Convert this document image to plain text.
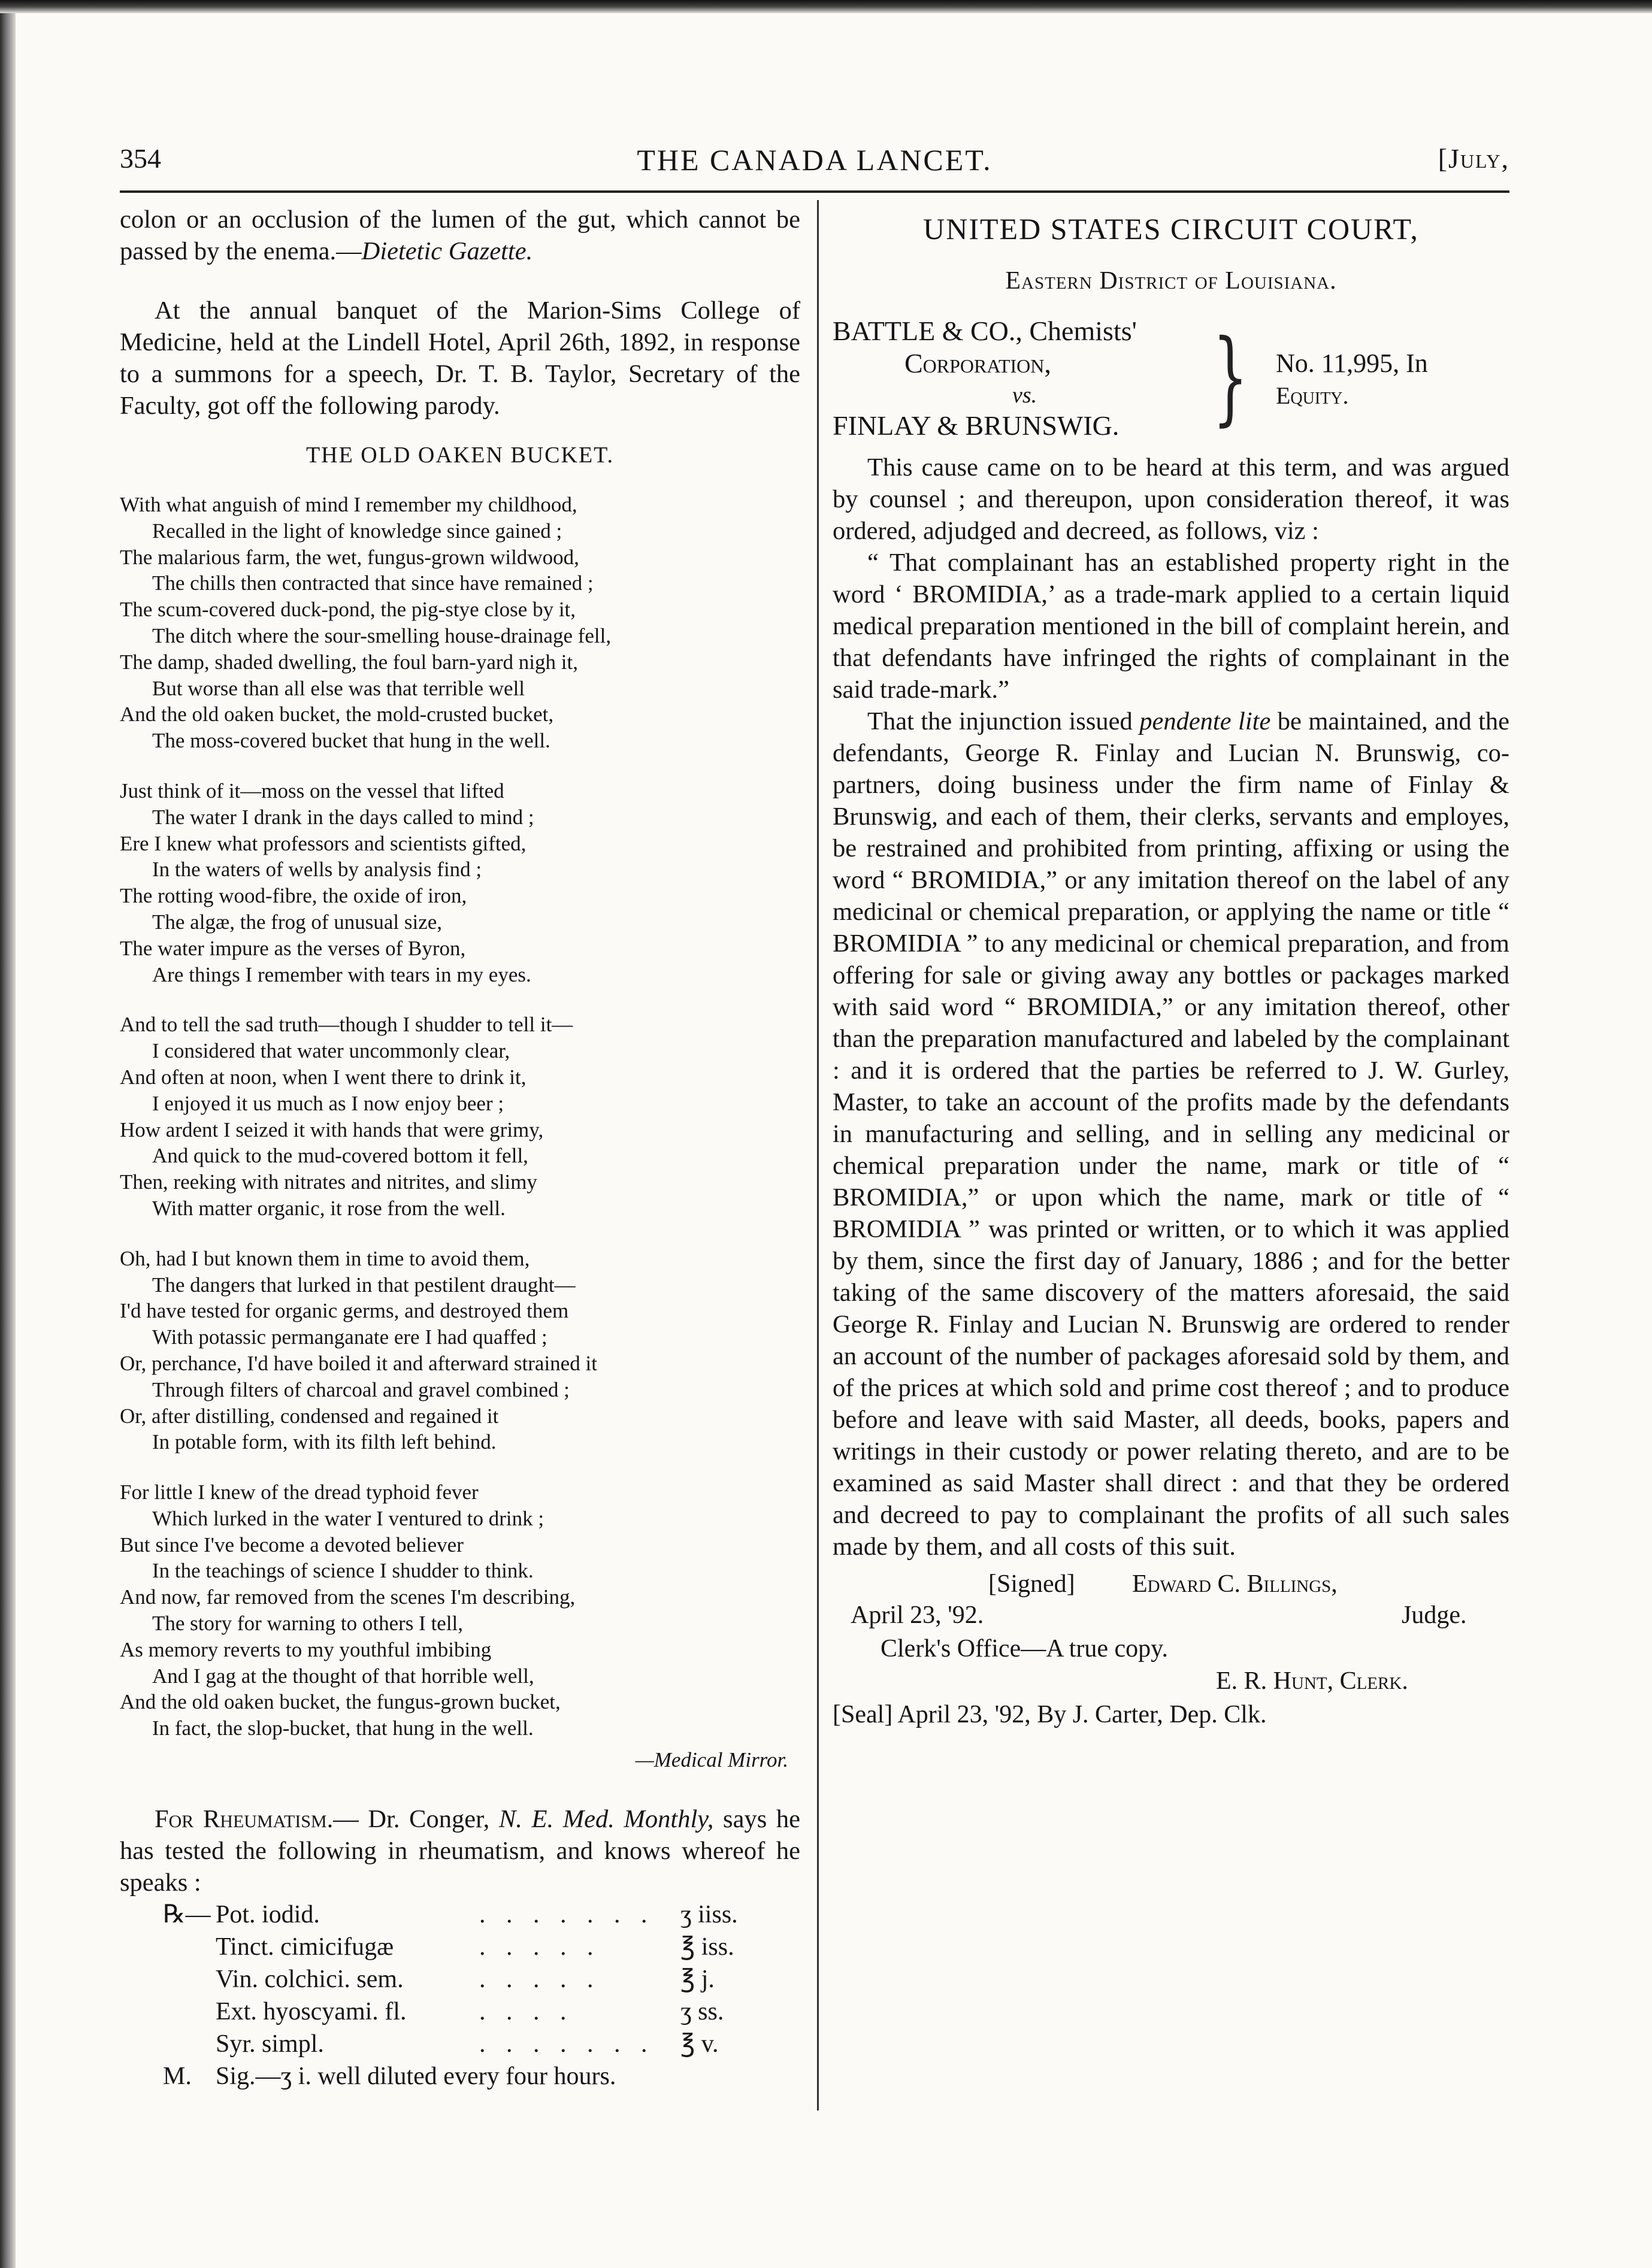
354	THE CANADA LANCET.	[July,

colon or an occlusion of the lumen of the gut, which cannot be passed by the enema.—Dietetic Gazette.

At the annual banquet of the Marion-Sims College of Medicine, held at the Lindell Hotel, April 26th, 1892, in response to a summons for a speech, Dr. T. B. Taylor, Secretary of the Faculty, got off the following parody.

THE OLD OAKEN BUCKET.
With what anguish of mind I remember my childhood,
Recalled in the light of knowledge since gained ;
The malarious farm, the wet, fungus-grown wildwood,
The chills then contracted that since have remained ;
The scum-covered duck-pond, the pig-stye close by it,
The ditch where the sour-smelling house-drainage fell,
The damp, shaded dwelling, the foul barn-yard nigh it,
But worse than all else was that terrible well
And the old oaken bucket, the mold-crusted bucket,
The moss-covered bucket that hung in the well.
Just think of it—moss on the vessel that lifted
The water I drank in the days called to mind ;
Ere I knew what professors and scientists gifted,
In the waters of wells by analysis find ;
The rotting wood-fibre, the oxide of iron,
The algæ, the frog of unusual size,
The water impure as the verses of Byron,
Are things I remember with tears in my eyes.
And to tell the sad truth—though I shudder to tell it—
I considered that water uncommonly clear,
And often at noon, when I went there to drink it,
I enjoyed it us much as I now enjoy beer ;
How ardent I seized it with hands that were grimy,
And quick to the mud-covered bottom it fell,
Then, reeking with nitrates and nitrites, and slimy
With matter organic, it rose from the well.
Oh, had I but known them in time to avoid them,
The dangers that lurked in that pestilent draught—
I'd have tested for organic germs, and destroyed them
With potassic permanganate ere I had quaffed ;
Or, perchance, I'd have boiled it and afterward strained it
Through filters of charcoal and gravel combined ;
Or, after distilling, condensed and regained it
In potable form, with its filth left behind.
For little I knew of the dread typhoid fever
Which lurked in the water I ventured to drink ;
But since I've become a devoted believer
In the teachings of science I shudder to think.
And now, far removed from the scenes I'm describing,
The story for warning to others I tell,
As memory reverts to my youthful imbibing
And I gag at the thought of that horrible well,
And the old oaken bucket, the fungus-grown bucket,
In fact, the slop-bucket, that hung in the well.
—Medical Mirror.

For Rheumatism.— Dr. Conger, N. E. Med. Monthly, says he has tested the following in rheumatism, and knows whereof he speaks :

℞— Pot. iodid.	. . . . . . . ʒ iiss.
Tinct. cimicifugæ	. . . . .	℥ iss.
Vin. colchici. sem.	. . . . .	℥ j.
Ext. hyoscyami. fl.	. . . .	ʒ ss.
Syr. simpl.	. . . . . . . ℥ v.
M. Sig.—ʒ i. well diluted every four hours.
UNITED STATES CIRCUIT COURT,
Eastern District of Louisiana.
BATTLE & CO., Chemists'
Corporation,
vs.
FINLAY & BRUNSWIG. } No. 11,995, In
Equity.

This cause came on to be heard at this term, and was argued by counsel ; and thereupon, upon consideration thereof, it was ordered, adjudged and decreed, as follows, viz :

“ That complainant has an established property right in the word ‘ BROMIDIA,’ as a trade-mark applied to a certain liquid medical preparation mentioned in the bill of complaint herein, and that defendants have infringed the rights of complainant in the said trade-mark.”

That the injunction issued pendente lite be maintained, and the defendants, George R. Finlay and Lucian N. Brunswig, co-partners, doing business under the firm name of Finlay & Brunswig, and each of them, their clerks, servants and employes, be restrained and prohibited from printing, affixing or using the word “ BROMIDIA,” or any imitation thereof on the label of any medicinal or chemical preparation, or applying the name or title “ BROMIDIA ” to any medicinal or chemical preparation, and from offering for sale or giving away any bottles or packages marked with said word “ BROMIDIA,” or any imitation thereof, other than the preparation manufactured and labeled by the complainant : and it is ordered that the parties be referred to J. W. Gurley, Master, to take an account of the profits made by the defendants in manufacturing and selling, and in selling any medicinal or chemical preparation under the name, mark or title of “ BROMIDIA,” or upon which the name, mark or title of “ BROMIDIA ” was printed or written, or to which it was applied by them, since the first day of January, 1886 ; and for the better taking of the same discovery of the matters aforesaid, the said George R. Finlay and Lucian N. Brunswig are ordered to render an account of the number of packages aforesaid sold by them, and of the prices at which sold and prime cost thereof ; and to produce before and leave with said Master, all deeds, books, papers and writings in their custody or power relating thereto, and are to be examined as said Master shall direct : and that they be ordered and decreed to pay to complainant the profits of all such sales made by them, and all costs of this suit.

[Signed] Edward C. Billings,
April 23, '92.	Judge.
Clerk's Office—A true copy.
E. R. Hunt, Clerk.
[Seal] April 23, '92, By J. Carter, Dep. Clk.
